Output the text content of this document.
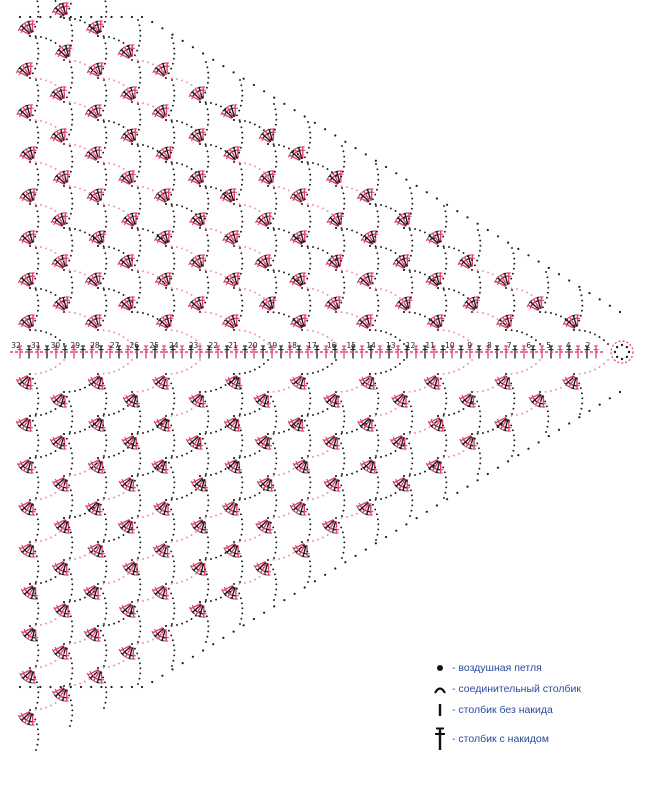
2
4
5
6
7
8
9
10
11
12
13
14
15
16
17
18
19
20
21
22
23
24
25
26
27
28
29
30
31
32
- воздушная петля
- соединительный столбик
- столбик без накида
- столбик с накидом
